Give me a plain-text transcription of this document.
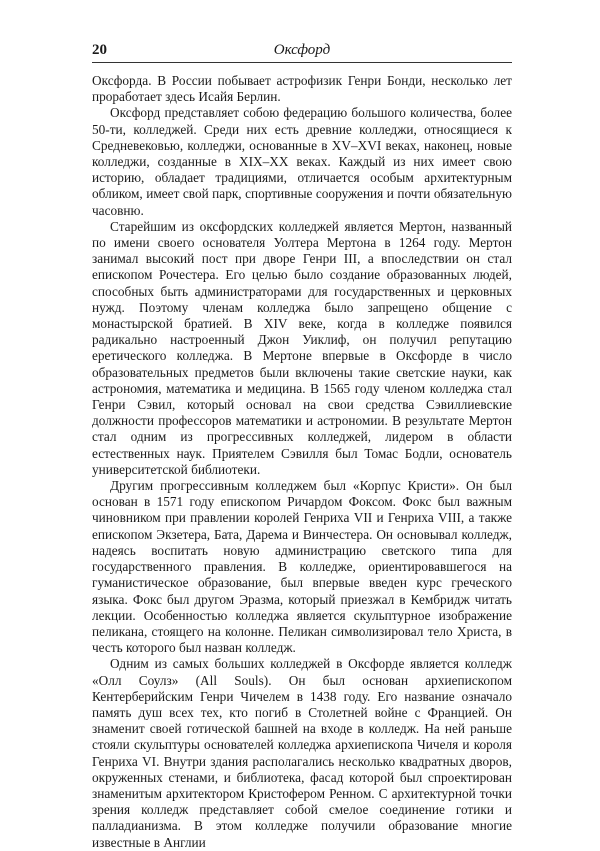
20	Оксфорд

Оксфорда. В России побывает астрофизик Генри Бонди, несколько лет проработает здесь Исайя Берлин.

Оксфорд представляет собою федерацию большого количества, более 50-ти, колледжей. Среди них есть древние колледжи, относящиеся к Средневековью, колледжи, основанные в XV–XVI веках, наконец, новые колледжи, созданные в XIX–XX веках. Каждый из них имеет свою историю, обладает традициями, отличается особым архитектурным обликом, имеет свой парк, спортивные сооружения и почти обязательную часовню.

Старейшим из оксфордских колледжей является Мертон, названный по имени своего основателя Уолтера Мертона в 1264 году. Мертон занимал высокий пост при дворе Генри III, а впоследствии он стал епископом Рочестера. Его целью было создание образованных людей, способных быть администраторами для государственных и церковных нужд. Поэтому членам колледжа было запрещено общение с монастырской братией. В XIV веке, когда в колледже появился радикально настроенный Джон Уиклиф, он получил репутацию еретического колледжа. В Мертоне впервые в Оксфорде в число образовательных предметов были включены такие светские науки, как астрономия, математика и медицина. В 1565 году членом колледжа стал Генри Сэвил, который основал на свои средства Сэвиллиевские должности профессоров математики и астрономии. В результате Мертон стал одним из прогрессивных колледжей, лидером в области естественных наук. Приятелем Сэвилля был Томас Бодли, основатель университетской библиотеки.

Другим прогрессивным колледжем был «Корпус Кристи». Он был основан в 1571 году епископом Ричардом Фоксом. Фокс был важным чиновником при правлении королей Генриха VII и Генриха VIII, а также епископом Экзетера, Бата, Дарема и Винчестера. Он основывал колледж, надеясь воспитать новую администрацию светского типа для государственного правления. В колледже, ориентировавшегося на гуманистическое образование, был впервые введен курс греческого языка. Фокс был другом Эразма, который приезжал в Кембридж читать лекции. Особенностью колледжа является скульптурное изображение пеликана, стоящего на колонне. Пеликан символизировал тело Христа, в честь которого был назван колледж.

Одним из самых больших колледжей в Оксфорде является колледж «Олл Соулз» (All Souls). Он был основан архиепископом Кентерберийским Генри Чичелем в 1438 году. Его название означало память душ всех тех, кто погиб в Столетней войне с Францией. Он знаменит своей готической башней на входе в колледж. На ней раньше стояли скульптуры основателей колледжа архиепископа Чичеля и короля Генриха VI. Внутри здания располагались несколько квадратных дворов, окруженных стенами, и библиотека, фасад которой был спроектирован знаменитым архитектором Кристофером Ренном. С архитектурной точки зрения колледж представляет собой смелое соединение готики и палладианизма. В этом колледже получили образование многие известные в Англии
